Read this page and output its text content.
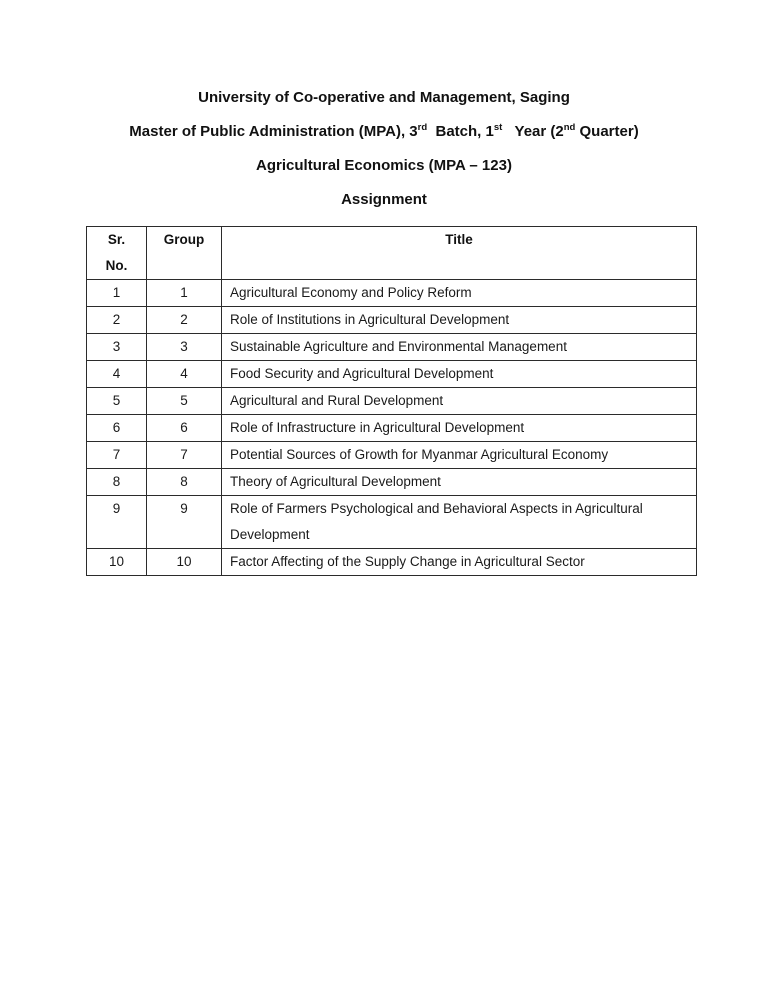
University of Co-operative and Management, Saging
Master of Public Administration (MPA), 3rd  Batch, 1st   Year (2nd Quarter)
Agricultural Economics (MPA – 123)
Assignment
Sr.
No.	Group	Title
1	1	Agricultural Economy and Policy Reform
2	2	Role of Institutions in Agricultural Development
3	3	Sustainable Agriculture and Environmental Management
4	4	Food Security and Agricultural Development
5	5	Agricultural and Rural Development
6	6	Role of Infrastructure in Agricultural Development
7	7	Potential Sources of Growth for Myanmar Agricultural Economy
8	8	Theory of Agricultural Development
9	9	Role of Farmers Psychological and Behavioral Aspects in Agricultural Development
10	10	Factor Affecting of the Supply Change in Agricultural Sector
